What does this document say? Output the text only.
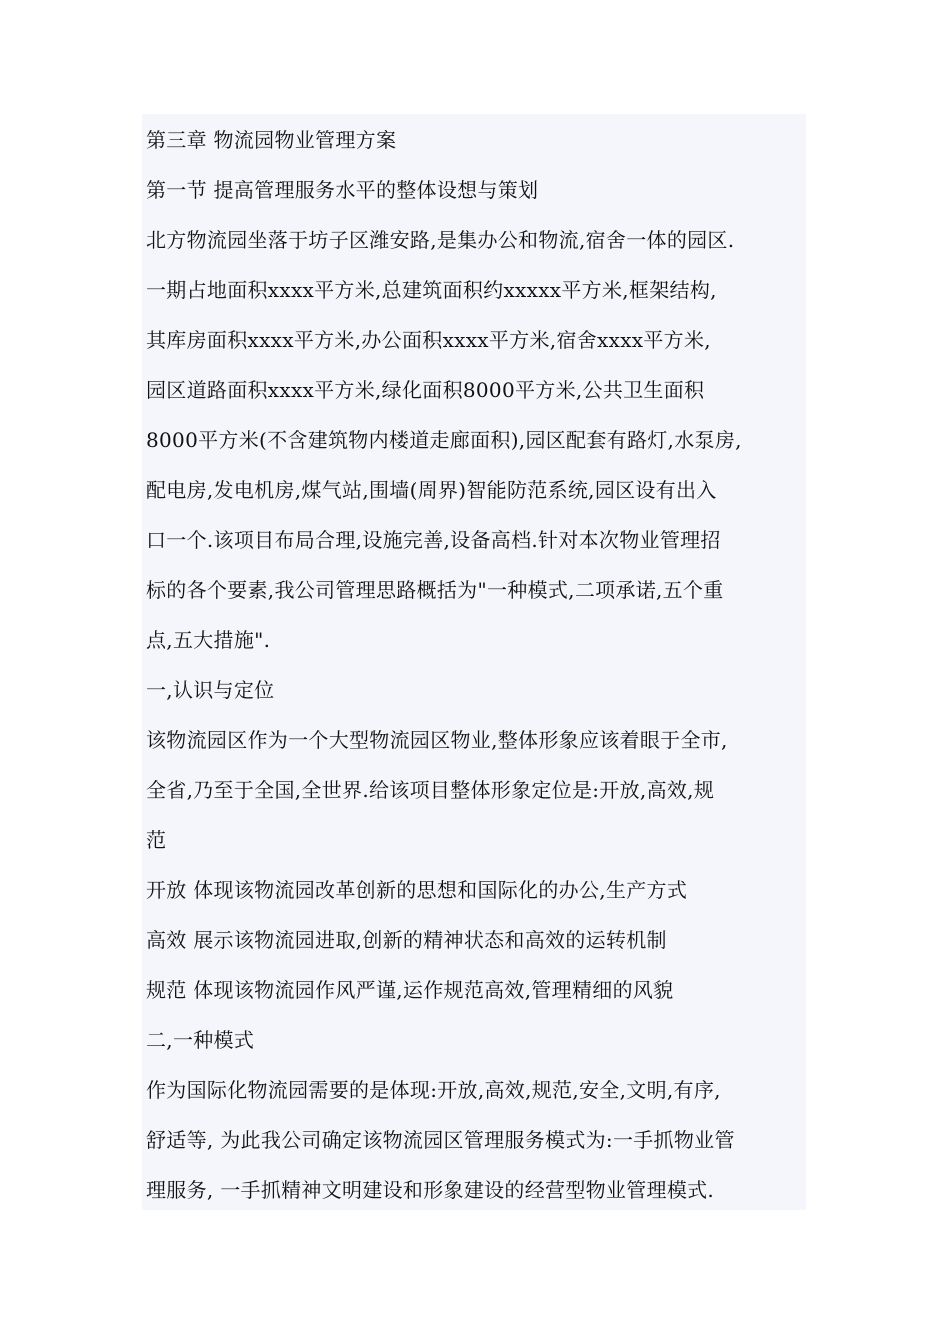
第三章 物流园物业管理方案
第一节 提高管理服务水平的整体设想与策划
北方物流园坐落于坊子区潍安路,是集办公和物流,宿舍一体的园区.
一期占地面积xxxx平方米,总建筑面积约xxxxx平方米,框架结构,
其库房面积xxxx平方米,办公面积xxxx平方米,宿舍xxxx平方米,
园区道路面积xxxx平方米,绿化面积8000平方米,公共卫生面积
8000平方米(不含建筑物内楼道走廊面积),园区配套有路灯,水泵房,
配电房,发电机房,煤气站,围墙(周界)智能防范系统,园区设有出入
口一个.该项目布局合理,设施完善,设备高档.针对本次物业管理招
标的各个要素,我公司管理思路概括为"一种模式,二项承诺,五个重
点,五大措施".
一,认识与定位
该物流园区作为一个大型物流园区物业,整体形象应该着眼于全市,
全省,乃至于全国,全世界.给该项目整体形象定位是:开放,高效,规
范
开放 体现该物流园改革创新的思想和国际化的办公,生产方式
高效 展示该物流园进取,创新的精神状态和高效的运转机制
规范 体现该物流园作风严谨,运作规范高效,管理精细的风貌
二,一种模式
作为国际化物流园需要的是体现:开放,高效,规范,安全,文明,有序,
舒适等, 为此我公司确定该物流园区管理服务模式为:一手抓物业管
理服务, 一手抓精神文明建设和形象建设的经营型物业管理模式.
